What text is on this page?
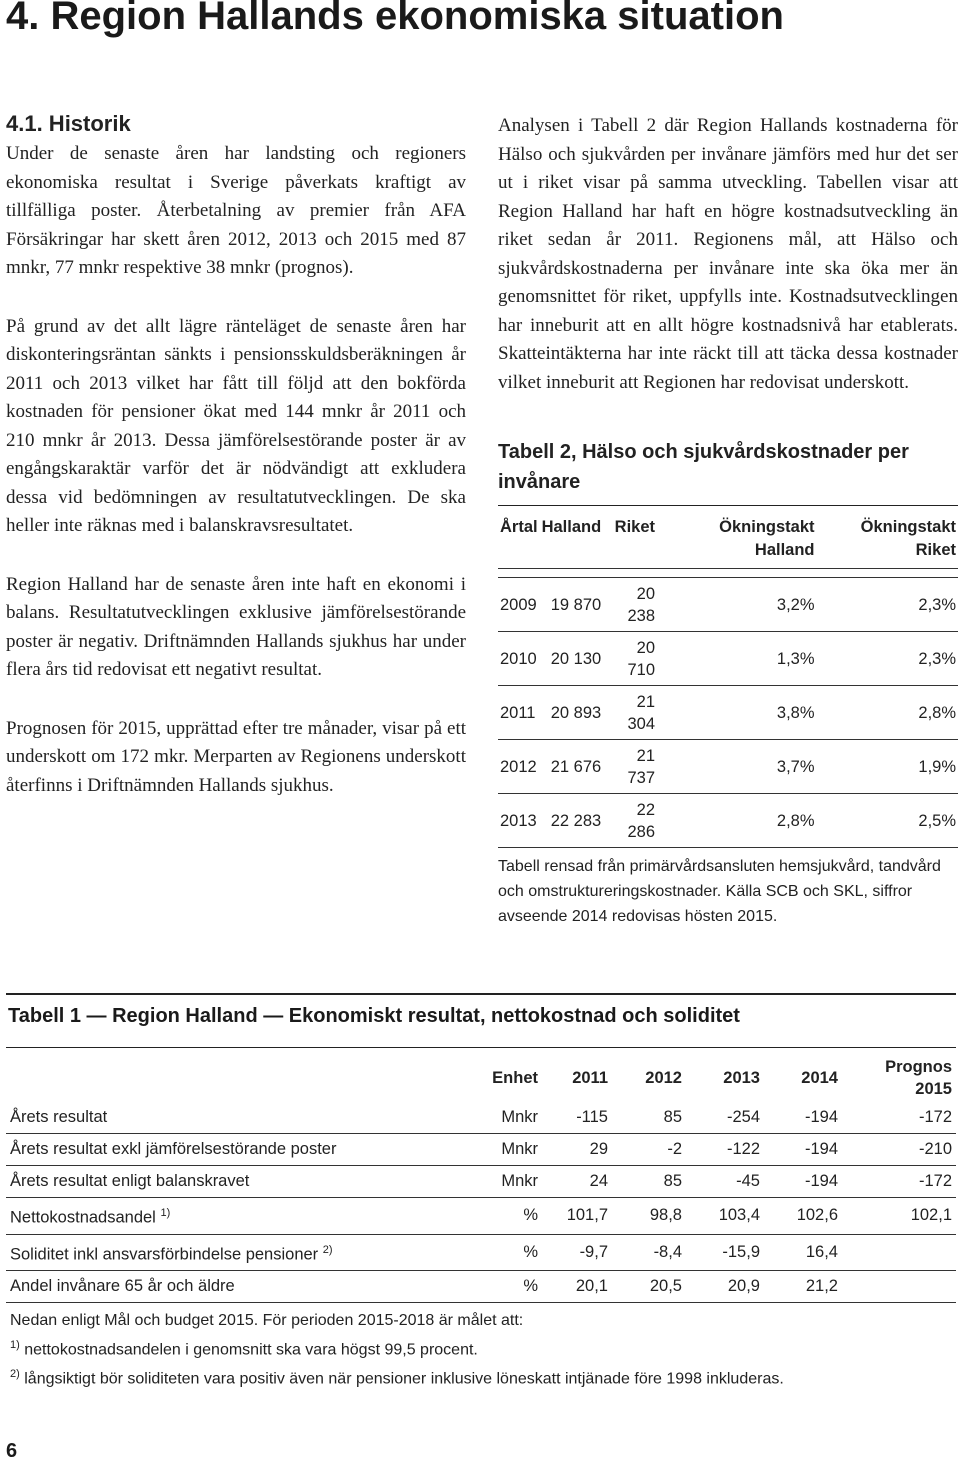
4. Region Hallands ekonomiska situation
4.1. Historik

Under de senaste åren har landsting och regioners ekonomiska resultat i Sverige påverkats kraftigt av tillfälliga poster. Återbetalning av premier från AFA Försäkringar har skett åren 2012, 2013 och 2015 med 87 mnkr, 77 mnkr respektive 38 mnkr (prognos).

På grund av det allt lägre ränteläget de senaste åren har diskonteringsräntan sänkts i pensionsskuldsberäkningen år 2011 och 2013 vilket har fått till följd att den bokförda kostnaden för pensioner ökat med 144 mnkr år 2011 och 210 mnkr år 2013. Dessa jämförelsestörande poster är av engångskaraktär varför det är nödvändigt att exkludera dessa vid bedömningen av resultatutvecklingen. De ska heller inte räknas med i balanskravsresultatet.

Region Halland har de senaste åren inte haft en ekonomi i balans. Resultatutvecklingen exklusive jämförelsestörande poster är negativ. Driftnämnden Hallands sjukhus har under flera års tid redovisat ett negativt resultat.

Prognosen för 2015, upprättad efter tre månader, visar på ett underskott om 172 mkr. Merparten av Regionens underskott återfinns i Driftnämnden Hallands sjukhus.

Analysen i Tabell 2 där Region Hallands kostnaderna för Hälso och sjukvården per invånare jämförs med hur det ser ut i riket visar på samma utveckling. Tabellen visar att Region Halland har haft en högre kostnadsutveckling än riket sedan år 2011. Regionens mål, att Hälso och sjukvårdskostnaderna per invånare inte ska öka mer än genomsnittet för riket, uppfylls inte. Kostnadsutvecklingen har inneburit att en allt högre kostnadsnivå har etablerats. Skatteintäkterna har inte räckt till att täcka dessa kostnader vilket inneburit att Regionen har redovisat underskott.

Tabell 2, Hälso och sjukvårdskostnader per invånare
Årtal	Halland	Riket	Ökningstakt Halland	Ökningstakt Riket

2009	19 870	20 238	3,2%	2,3%
2010	20 130	20 710	1,3%	2,3%
2011	20 893	21 304	3,8%	2,8%
2012	21 676	21 737	3,7%	1,9%
2013	22 283	22 286	2,8%	2,5%
Tabell rensad från primärvårdsansluten hemsjukvård, tandvård och omstruktureringskostnader. Källa SCB och SKL, siffror avseende 2014 redovisas hösten 2015.
Tabell 1 — Region Halland — Ekonomiskt resultat, nettokostnad och soliditet
	Enhet	2011	2012	2013	2014	Prognos 2015
Årets resultat	Mnkr	-115	85	-254	-194	-172
Årets resultat exkl jämförelsestörande poster	Mnkr	29	-2	-122	-194	-210
Årets resultat enligt balanskravet	Mnkr	24	85	-45	-194	-172
Nettokostnadsandel $^{1)}$	%	101,7	98,8	103,4	102,6	102,1
Soliditet inkl ansvarsförbindelse pensioner $^{2)}$	%	-9,7	-8,4	-15,9	16,4	
Andel invånare 65 år och äldre	%	20,1	20,5	20,9	21,2	
Nedan enligt Mål och budget 2015. För perioden 2015-2018 är målet att:
$^{1)}$ nettokostnadsandelen i genomsnitt ska vara högst 99,5 procent.
$^{2)}$ långsiktigt bör soliditeten vara positiv även när pensioner inklusive löneskatt intjänade före 1998 inkluderas.
6
